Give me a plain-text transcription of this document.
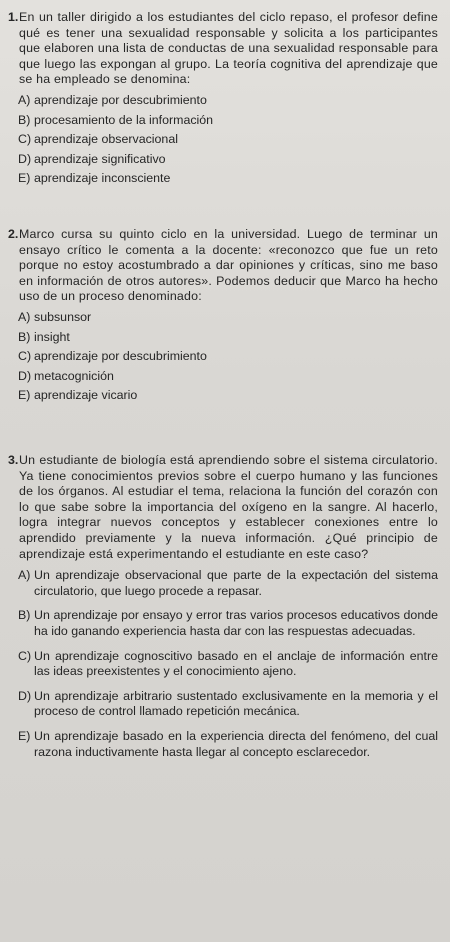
1. En un taller dirigido a los estudiantes del ciclo repaso, el profesor define qué es tener una sexualidad responsable y solicita a los participantes que elaboren una lista de conductas de una sexualidad responsable para que luego las expongan al grupo. La teoría cognitiva del aprendizaje que se ha empleado se denomina:
A) aprendizaje por descubrimiento
B) procesamiento de la información
C) aprendizaje observacional
D) aprendizaje significativo
E) aprendizaje inconsciente
2. Marco cursa su quinto ciclo en la universidad. Luego de terminar un ensayo crítico le comenta a la docente: «reconozco que fue un reto porque no estoy acostumbrado a dar opiniones y críticas, sino me baso en información de otros autores». Podemos deducir que Marco ha hecho uso de un proceso denominado:
A) subsunsor
B) insight
C) aprendizaje por descubrimiento
D) metacognición
E) aprendizaje vicario
3. Un estudiante de biología está aprendiendo sobre el sistema circulatorio. Ya tiene conocimientos previos sobre el cuerpo humano y las funciones de los órganos. Al estudiar el tema, relaciona la función del corazón con lo que sabe sobre la importancia del oxígeno en la sangre. Al hacerlo, logra integrar nuevos conceptos y establecer conexiones entre lo aprendido previamente y la nueva información. ¿Qué principio de aprendizaje está experimentando el estudiante en este caso?
A) Un aprendizaje observacional que parte de la expectación del sistema circulatorio, que luego procede a repasar.
B) Un aprendizaje por ensayo y error tras varios procesos educativos donde ha ido ganando experiencia hasta dar con las respuestas adecuadas.
C) Un aprendizaje cognoscitivo basado en el anclaje de información entre las ideas preexistentes y el conocimiento ajeno.
D) Un aprendizaje arbitrario sustentado exclusivamente en la memoria y el proceso de control llamado repetición mecánica.
E) Un aprendizaje basado en la experiencia directa del fenómeno, del cual razona inductivamente hasta llegar al concepto esclarecedor.
